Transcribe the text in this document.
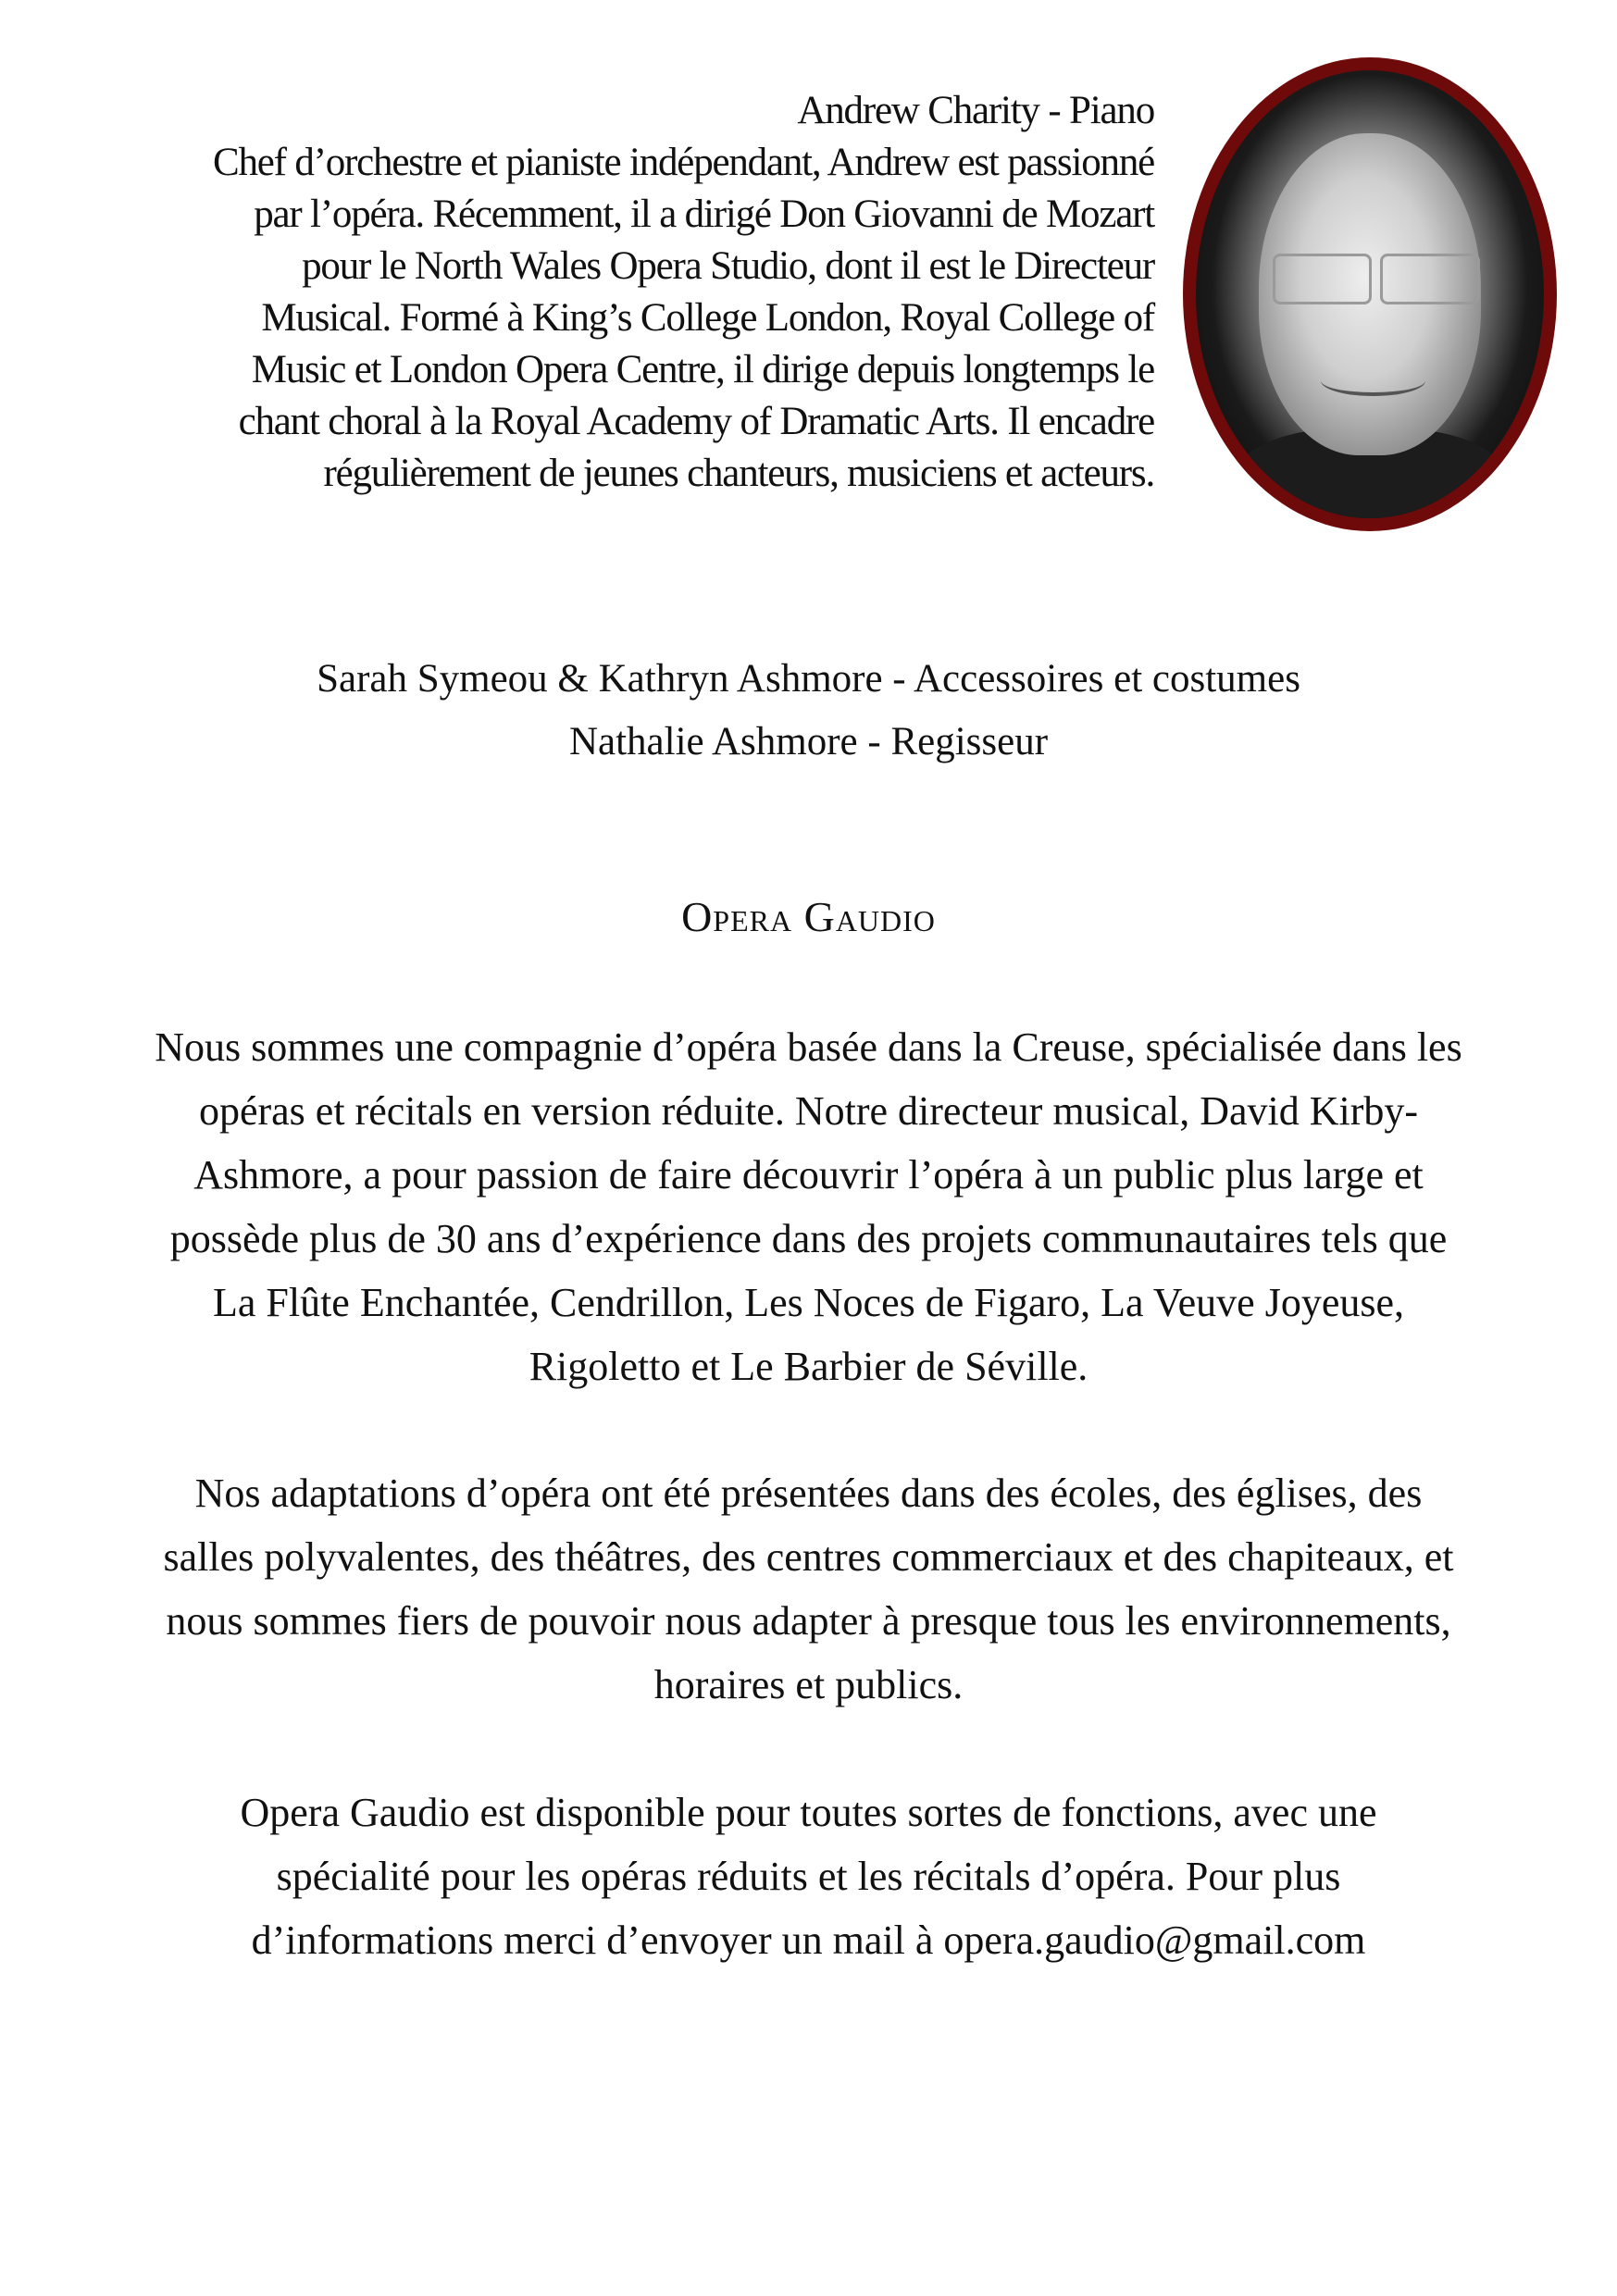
Andrew Charity - Piano
Chef d’orchestre et pianiste indépendant, Andrew est passionné
par l’opéra. Récemment, il a dirigé Don Giovanni de Mozart
pour le North Wales Opera Studio, dont il est le Directeur
Musical. Formé à King’s College London, Royal College of
Music et London Opera Centre, il dirige depuis longtemps le
chant choral à la Royal Academy of Dramatic Arts. Il encadre
régulièrement de jeunes chanteurs, musiciens et acteurs.
Sarah Symeou & Kathryn Ashmore - Accessoires et costumes
Nathalie Ashmore - Regisseur
Opera Gaudio
Nous sommes une compagnie d’opéra basée dans la Creuse, spécialisée dans les
opéras et récitals en version réduite. Notre directeur musical, David Kirby-
Ashmore, a pour passion de faire découvrir l’opéra à un public plus large et
possède plus de 30 ans d’expérience dans des projets communautaires tels que
La Flûte Enchantée, Cendrillon, Les Noces de Figaro, La Veuve Joyeuse,
Rigoletto et Le Barbier de Séville.
Nos adaptations d’opéra ont été présentées dans des écoles, des églises, des
salles polyvalentes, des théâtres, des centres commerciaux et des chapiteaux, et
nous sommes fiers de pouvoir nous adapter à presque tous les environnements,
horaires et publics.
Opera Gaudio est disponible pour toutes sortes de fonctions, avec une
spécialité pour les opéras réduits et les récitals d’opéra. Pour plus
d’informations merci d’envoyer un mail à opera.gaudio@gmail.com
